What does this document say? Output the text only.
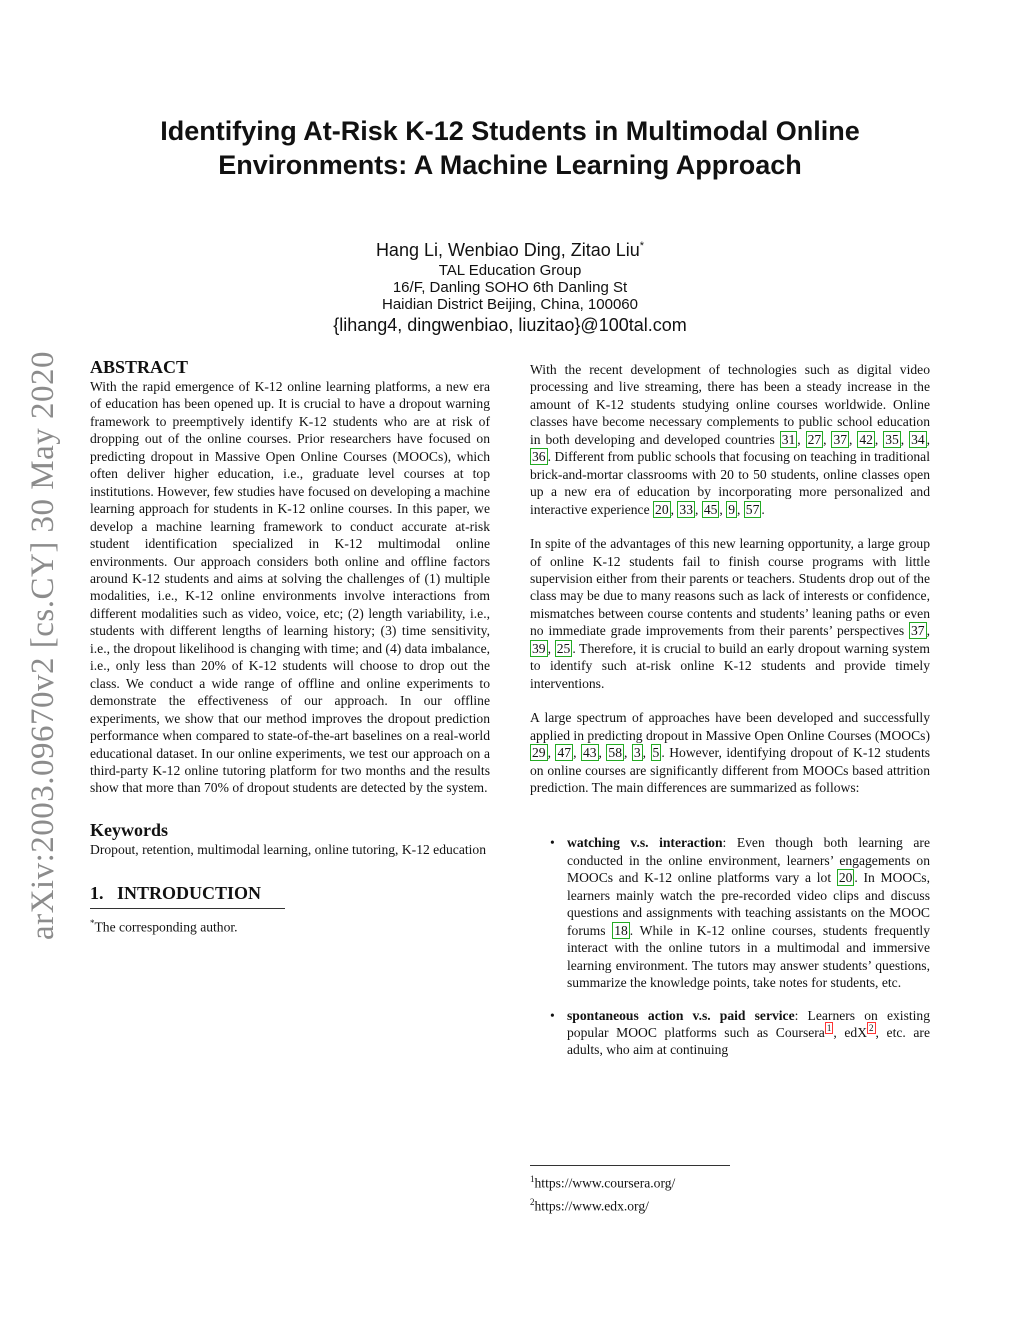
arXiv:2003.09670v2 [cs.CY] 30 May 2020
Identifying At-Risk K-12 Students in Multimodal Online Environments: A Machine Learning Approach
Hang Li, Wenbiao Ding, Zitao Liu*
TAL Education Group
16/F, Danling SOHO 6th Danling St
Haidian District Beijing, China, 100060
{lihang4, dingwenbiao, liuzitao}@100tal.com
ABSTRACT

With the rapid emergence of K-12 online learning platforms, a new era of education has been opened up. It is crucial to have a dropout warning framework to preemptively identify K-12 students who are at risk of dropping out of the online courses. Prior researchers have focused on predicting dropout in Massive Open Online Courses (MOOCs), which often deliver higher education, i.e., graduate level courses at top institutions. However, few studies have focused on developing a machine learning approach for students in K-12 online courses. In this paper, we develop a machine learning framework to conduct accurate at-risk student identification specialized in K-12 multimodal online environments. Our approach considers both online and offline factors around K-12 students and aims at solving the challenges of (1) multiple modalities, i.e., K-12 online environments involve interactions from different modalities such as video, voice, etc; (2) length variability, i.e., students with different lengths of learning history; (3) time sensitivity, i.e., the dropout likelihood is changing with time; and (4) data imbalance, i.e., only less than 20% of K-12 students will choose to drop out the class. We conduct a wide range of offline and online experiments to demonstrate the effectiveness of our approach. In our offline experiments, we show that our method improves the dropout prediction performance when compared to state-of-the-art baselines on a real-world educational dataset. In our online experiments, we test our approach on a third-party K-12 online tutoring platform for two months and the results show that more than 70% of dropout students are detected by the system.

Keywords

Dropout, retention, multimodal learning, online tutoring, K-12 education

1.   INTRODUCTION
*The corresponding author.

With the recent development of technologies such as digital video processing and live streaming, there has been a steady increase in the amount of K-12 students studying online courses worldwide. Online classes have become necessary complements to public school education in both developing and developed countries 31 , 27 , 37 , 42 , 35 , 34 , 36 . Different from public schools that focusing on teaching in traditional brick-and-mortar classrooms with 20 to 50 students, online classes open up a new era of education by incorporating more personalized and interactive experience 20 , 33 , 45 , 9 , 57 .

In spite of the advantages of this new learning opportunity, a large group of online K-12 students fail to finish course programs with little supervision either from their parents or teachers. Students drop out of the class may be due to many reasons such as lack of interests or confidence, mismatches between course contents and students’ leaning paths or even no immediate grade improvements from their parents’ perspectives 37 , 39 , 25 . Therefore, it is crucial to build an early dropout warning system to identify such at-risk online K-12 students and provide timely interventions.

A large spectrum of approaches have been developed and successfully applied in predicting dropout in Massive Open Online Courses (MOOCs) 29 , 47 , 43 , 58 , 3 , 5 . However, identifying dropout of K-12 students on online courses are significantly different from MOOCs based attrition prediction. The main differences are summarized as follows:

• watching v.s. interaction: Even though both learning are conducted in the online environment, learners’ engagements on MOOCs and K-12 online platforms vary a lot 20 . In MOOCs, learners mainly watch the pre-recorded video clips and discuss questions and assignments with teaching assistants on the MOOC forums 18 . While in K-12 online courses, students frequently interact with the online tutors in a multimodal and immersive learning environment. The tutors may answer students’ questions, summarize the knowledge points, take notes for students, etc.
• spontaneous action v.s. paid service: Learners on existing popular MOOC platforms such as Coursera $^1$ , edX $^2$ , etc. are adults, who aim at continuing
$^1$https://www.coursera.org/
$^2$https://www.edx.org/
